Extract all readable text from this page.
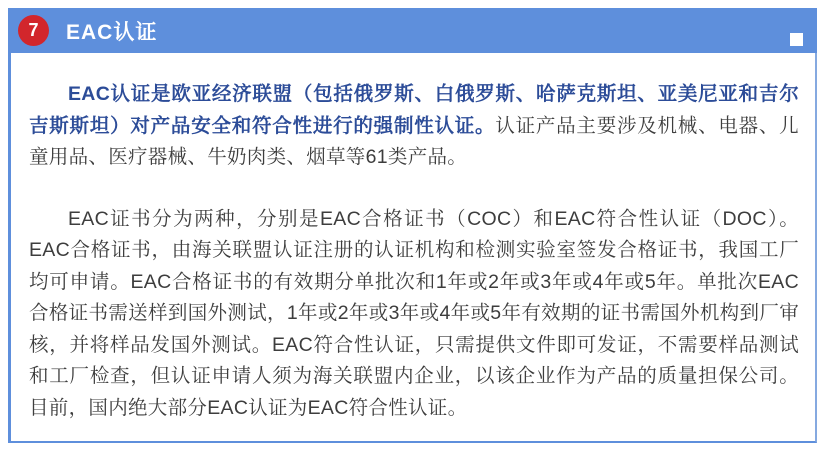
7 EAC认证

EAC认证是欧亚经济联盟（包括俄罗斯、白俄罗斯、哈萨克斯坦、亚美尼亚和吉尔吉斯斯坦）对产品安全和符合性进行的强制性认证。认证产品主要涉及机械、电器、儿童用品、医疗器械、牛奶肉类、烟草等61类产品。

EAC证书分为两种，分别是EAC合格证书（COC）和EAC符合性认证（DOC）。EAC合格证书，由海关联盟认证注册的认证机构和检测实验室签发合格证书，我国工厂均可申请。EAC合格证书的有效期分单批次和1年或2年或3年或4年或5年。单批次EAC合格证书需送样到国外测试，1年或2年或3年或4年或5年有效期的证书需国外机构到厂审核，并将样品发国外测试。EAC符合性认证，只需提供文件即可发证，不需要样品测试和工厂检查，但认证申请人须为海关联盟内企业，以该企业作为产品的质量担保公司。目前，国内绝大部分EAC认证为EAC符合性认证。
